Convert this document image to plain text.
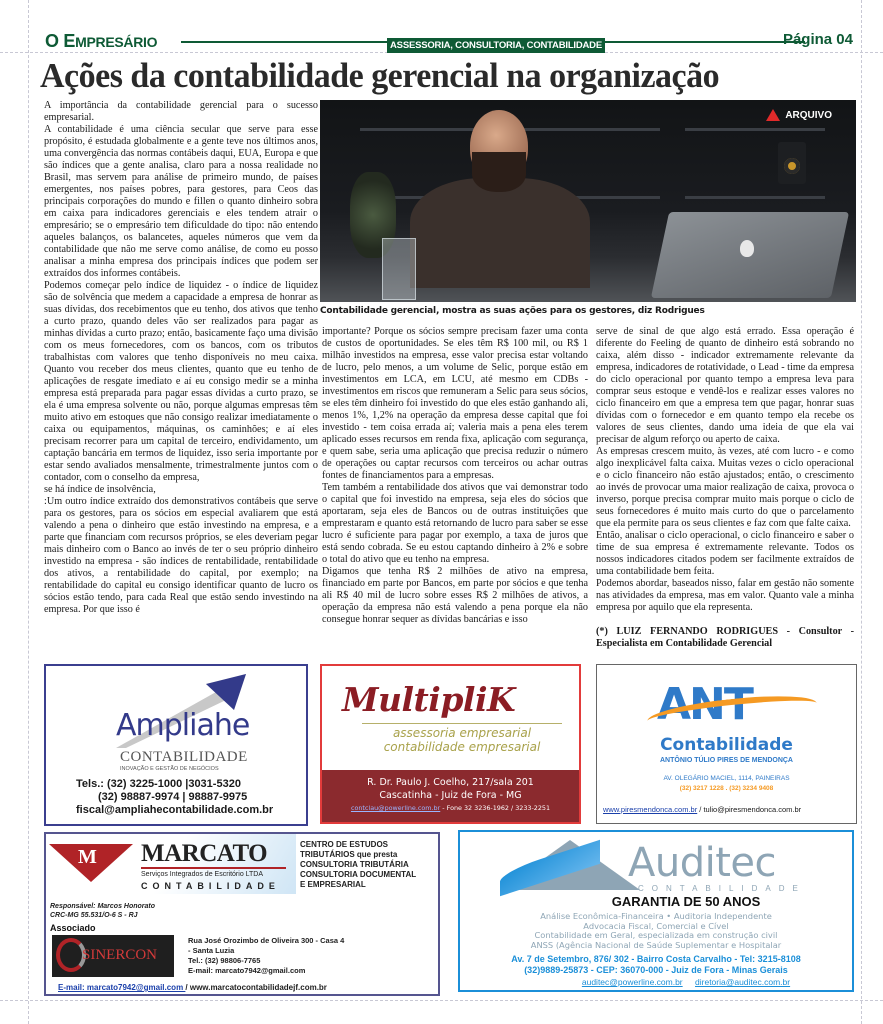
O EMPRESÁRIO	ASSESSORIA, CONSULTORIA, CONTABILIDADE	Página 04
Ações da contabilidade gerencial na organização

A importância da contabilidade gerencial para o sucesso empresarial.

A contabilidade é uma ciência secular que serve para esse propósito, é estudada globalmente e a gente teve nos últimos anos, uma convergência das normas contábeis daqui, EUA, Europa e que são índices que a gente analisa, claro para a nossa realidade no Brasil, mas servem para análise de primeiro mundo, de países emergentes, nos países pobres, para gestores, para Ceos das principais corporações do mundo e fillen o quanto dinheiro sobra em caixa para indicadores gerenciais e eles tendem atrair o empresário; se o empresário tem dificuldade do tipo: não entendo aqueles balanços, os balancetes, aqueles números que vem da contabilidade que não me serve como análise, de como eu posso analisar a minha empresa dos principais índices que podem ser extraídos dos informes contábeis.

Podemos começar pelo índice de liquidez - o índice de liquidez são de solvência que medem a capacidade a empresa de honrar as suas dívidas, dos recebimentos que eu tenho, dos ativos que tenho a curto prazo, quando deles vão ser realizados para pagar as minhas dívidas a curto prazo; então, basicamente faço uma divisão com os meus fornecedores, com os bancos, com os tributos trabalhistas com valores que tenho disponíveis no meu caixa. Quanto vou receber dos meus clientes, quanto que eu tenho de aplicações de resgate imediato e aí eu consigo medir se a minha empresa está preparada para pagar essas dívidas a curto prazo, se ela é uma empresa solvente ou não, porque algumas empresas têm muito ativo em estoques que não consigo realizar imediatamente o caixa ou equipamentos, máquinas, os caminhões; e aí eles precisam recorrer para um capital de terceiro, endividamento, um captação bancária em termos de liquidez, isso seria importante por estar sendo avaliados mensalmente, trimestralmente juntos com o contador, com o conselho da empresa,

se há índice de insolvência,

:Um outro índice extraído dos demonstrativos contábeis que serve para os gestores, para os sócios em especial avaliarem que está valendo a pena o dinheiro que estão investindo na empresa, e a parte que financiam com recursos próprios, se eles deveriam pegar mais dinheiro com o Banco ao invés de ter o seu próprio dinheiro investido na empresa - são índices de rentabilidade, rentabilidade dos ativos, a rentabilidade do capital, por exemplo; na rentabilidade do capital eu consigo identificar quanto de lucro os sócios estão tendo, para cada Real que estão sendo investindo na empresa. Por que isso é

ARQUIVO
Contabilidade gerencial, mostra as suas ações para os gestores, diz Rodrigues

importante? Porque os sócios sempre precisam fazer uma conta de custos de oportunidades. Se eles têm R$ 100 mil, ou R$ 1 milhão investidos na empresa, esse valor precisa estar voltando de lucro, pelo menos, a um volume de Selic, porque estão em investimentos em LCA, em LCU, até mesmo em CDBs - investimentos em riscos que remuneram a Selic para seus sócios, se eles têm dinheiro foi investido do que eles estão ganhando ali, menos 1%, 1,2% na operação da empresa desse capital que foi investido - tem coisa errada aí; valeria mais a pena eles terem aplicado esses recursos em renda fixa, aplicação com segurança, e quem sabe, seria uma aplicação que precisa reduzir o número de operações ou captar recursos com terceiros ou achar outras fontes de financiamentos para a empresas.

Tem também a rentabilidade dos ativos que vai demonstrar todo o capital que foi investido na empresa, seja eles do sócios que aportaram, seja eles de Bancos ou de outras instituições que emprestaram e quanto está retornando de lucro para saber se esse lucro é suficiente para pagar por exemplo, a taxa de juros que está sendo cobrada. Se eu estou captando dinheiro à 2% e sobre o total do ativo que eu tenho na empresa.

Digamos que tenha R$ 2 milhões de ativo na empresa, financiado em parte por Bancos, em parte por sócios e que tenha ali R$ 40 mil de lucro sobre esses R$ 2 milhões de ativos, a operação da empresa não está valendo a pena porque ela não consegue honrar sequer as dívidas bancárias e isso

serve de sinal de que algo está errado. Essa operação é diferente do Feeling de quanto de dinheiro está sobrando no caixa, além disso - indicador extremamente relevante da empresa, indicadores de rotatividade, o Lead - time da empresa do ciclo operacional por quanto tempo a empresa leva para comprar seus estoque e vendê-los e realizar esses valores no ciclo financeiro em que a empresa tem que pagar, honrar suas dívidas com o fornecedor e em quanto tempo ela recebe os valores de seus clientes, dando uma ideia de que ela vai precisar de algum reforço ou aperto de caixa.

As empresas crescem muito, às vezes, até com lucro - e como algo inexplicável falta caixa. Muitas vezes o ciclo operacional e o ciclo financeiro não estão ajustados; então, o crescimento ao invés de provocar uma maior realização de caixa, provoca o inverso, porque precisa comprar muito mais porque o ciclo de seus fornecedores é muito mais curto do que o parcelamento que ela permite para os seus clientes e faz com que falte caixa.

Então, analisar o ciclo operacional, o ciclo financeiro e saber o time de sua empresa é extremamente relevante. Todos os nossos indicadores citados podem ser facilmente extraídos de uma contabilidade bem feita.

Podemos abordar, baseados nisso, falar em gestão não somente nas atividades da empresa, mas em valor. Quanto vale a minha empresa por aquilo que ela representa.

(*) LUIZ FERNANDO RODRIGUES - Consultor - Especialista em Contabilidade Gerencial

Ampliahe
CONTABILIDADE
INOVAÇÃO E GESTÃO DE NEGÓCIOS
Tels.: (32) 3225-1000 |3031-5320
(32) 98887-9974 | 98887-9975
fiscal@ampliahecontabilidade.com.br
MultipliK
assessoria empresarial
contabilidade empresarial
R. Dr. Paulo J. Coelho, 217/sala 201
Cascatinha - Juiz de Fora - MG
contclau@powerline.com.br - Fone 32 3236-1962 / 3233-2251
ANT
Contabilidade
ANTÔNIO TÚLIO PIRES DE MENDONÇA
AV. OLEGÁRIO MACIEL, 1114, PAINEIRAS
(32) 3217 1228 . (32) 3234 9408
www.piresmendonca.com.br / tulio@piresmendonca.com.br
M MARCATO
Serviços Integrados de Escritório LTDA
CONTABILIDADE
CENTRO DE ESTUDOS
TRIBUTÁRIOS que presta
CONSULTORIA TRIBUTÁRIA
CONSULTORIA DOCUMENTAL
E EMPRESARIAL
Responsável: Marcos Honorato
CRC-MG 55.531/O-6 S - RJ
Associado
SINERCON
Rua José Orozimbo de Oliveira 300 - Casa 4
- Santa Luzia
Tel.: (32) 98806-7765
E-mail: marcato7942@gmail.com
E-mail: marcato7942@gmail.com / www.marcatocontabilidadejf.com.br
Auditec
CONTABILIDADE
GARANTIA DE 50 ANOS
Análise Econômica-Financeira • Auditoria Independente
Advocacia Fiscal, Comercial e Cível
Contabilidade em Geral, especializada em construção civil
ANSS (Agência Nacional de Saúde Suplementar e Hospitalar
Av. 7 de Setembro, 876/ 302 - Bairro Costa Carvalho - Tel: 3215-8108
(32)9889-25873 - CEP: 36070-000 - Juiz de Fora - Minas Gerais
auditec@powerline.com.br diretoria@auditec.com.br
